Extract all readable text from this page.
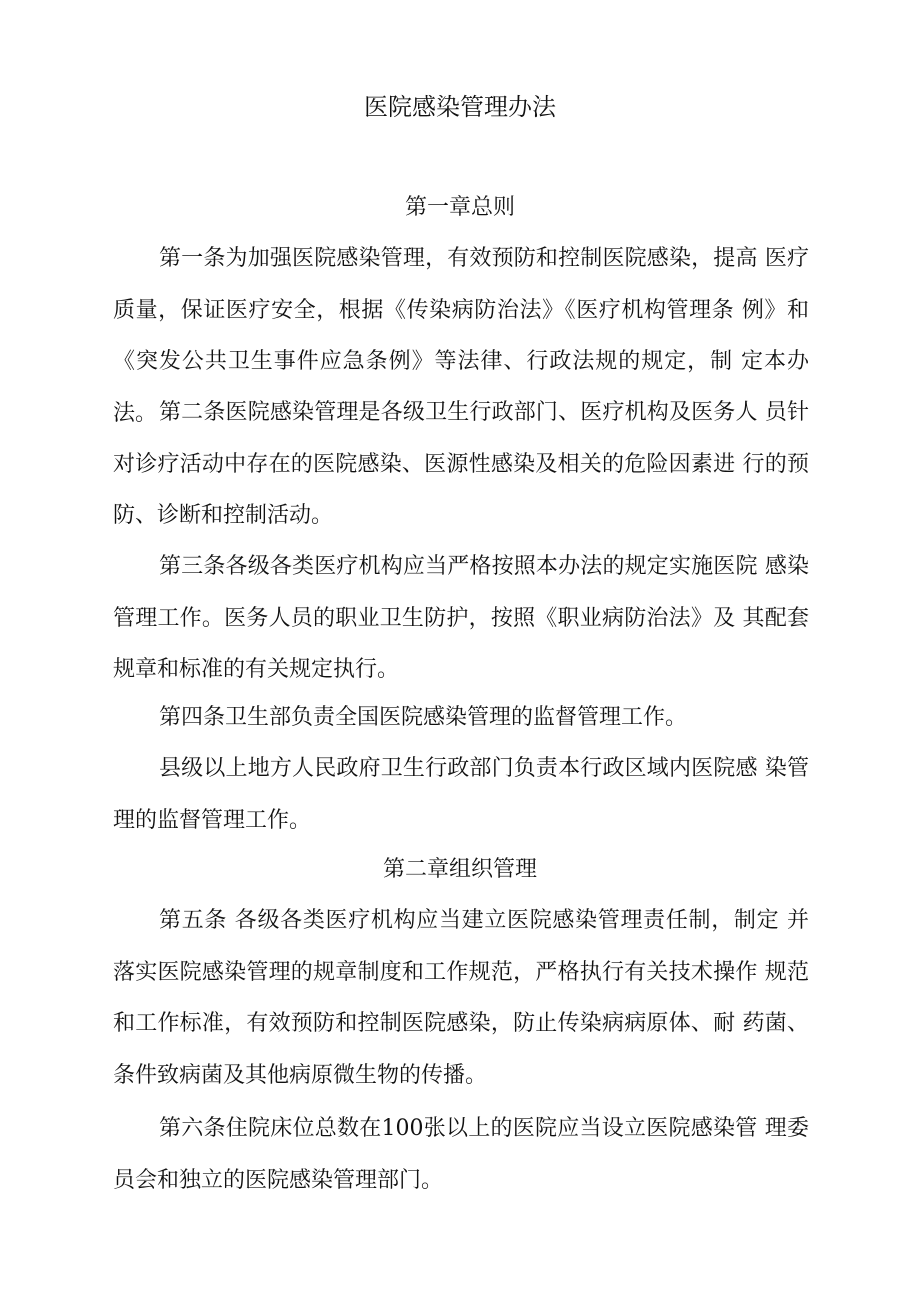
医院感染管理办法
第一章总则

第一条为加强医院感染管理，有效预防和控制医院感染，提高 医疗质量，保证医疗安全，根据《传染病防治法》《医疗机构管理条 例》和《突发公共卫生事件应急条例》等法律、行政法规的规定，制 定本办法。 第二条医院感染管理是各级卫生行政部门、医疗机构及医务人 员针对诊疗活动中存在的医院感染、医源性感染及相关的危险因素进 行的预防、诊断和控制活动。

第三条各级各类医疗机构应当严格按照本办法的规定实施医院 感染管理工作。医务人员的职业卫生防护，按照《职业病防治法》及 其配套规章和标准的有关规定执行。

第四条卫生部负责全国医院感染管理的监督管理工作。

县级以上地方人民政府卫生行政部门负责本行政区域内医院感 染管理的监督管理工作。

第二章组织管理

第五条 各级各类医疗机构应当建立医院感染管理责任制，制定 并落实医院感染管理的规章制度和工作规范，严格执行有关技术操作 规范和工作标准，有效预防和控制医院感染，防止传染病病原体、耐 药菌、条件致病菌及其他病原微生物的传播。

第六条住院床位总数在100张以上的医院应当设立医院感染管 理委员会和独立的医院感染管理部门。
